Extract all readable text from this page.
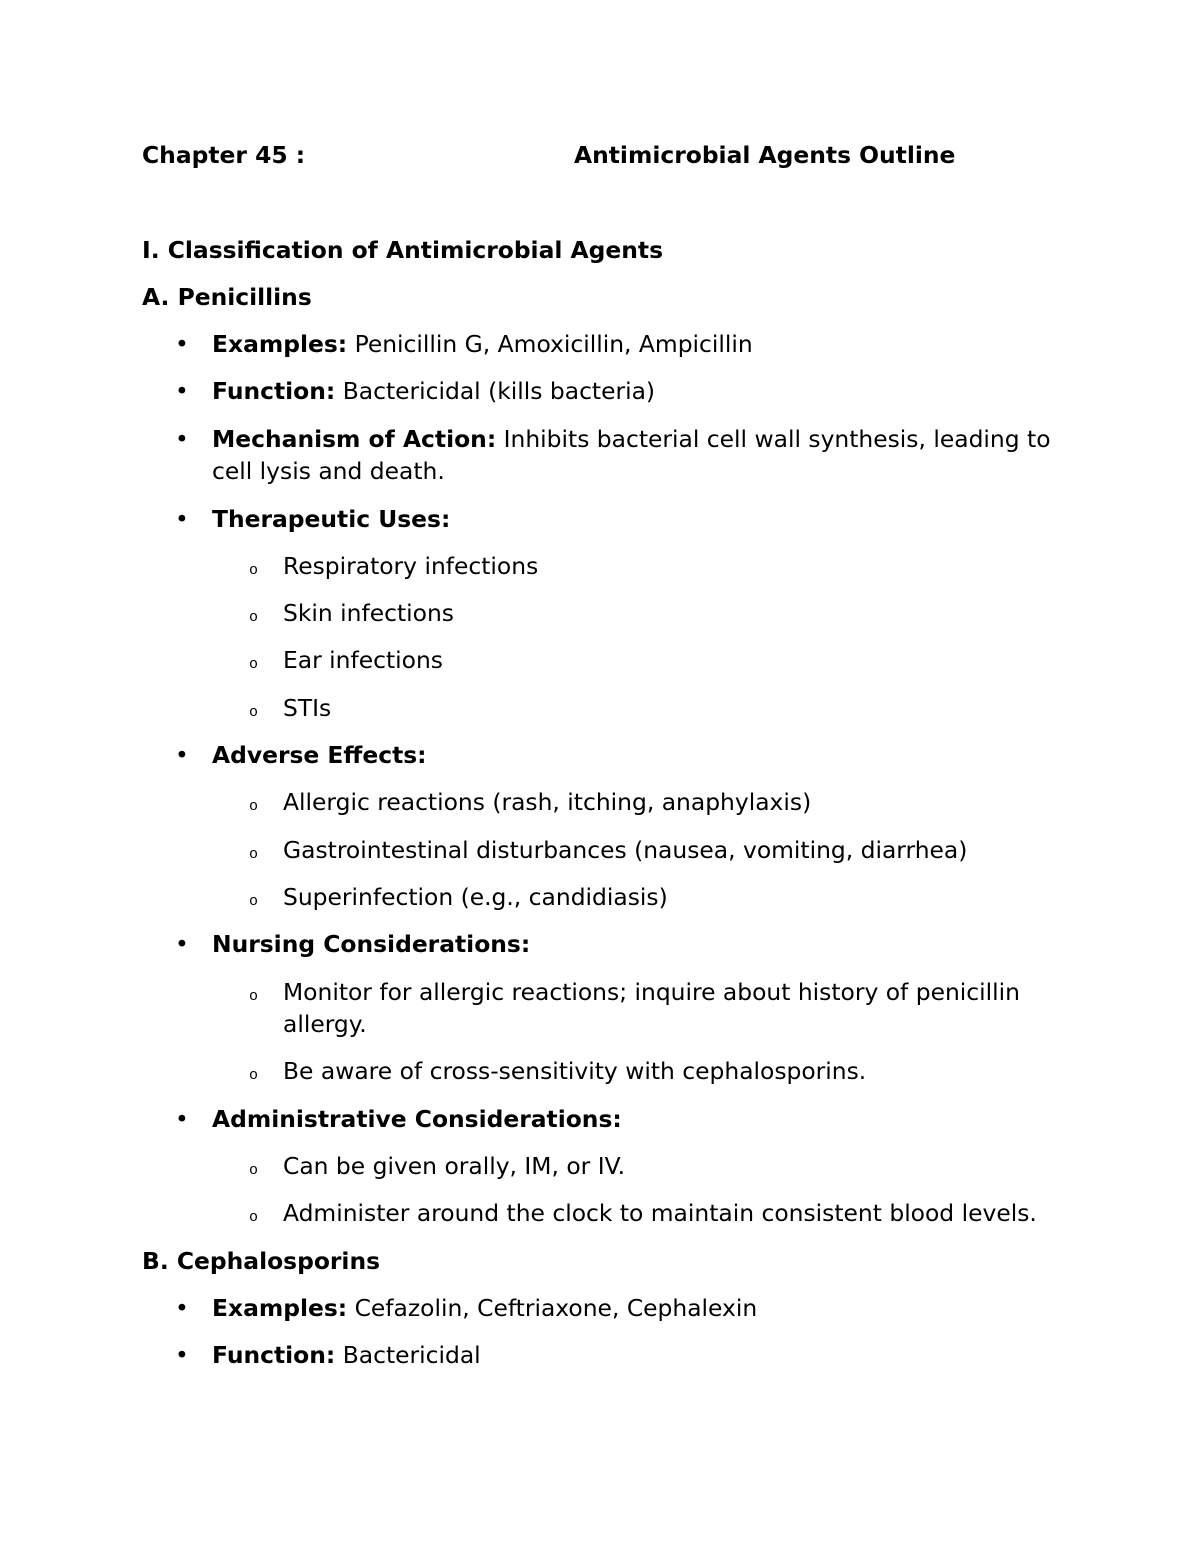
Chapter 45 :	Antimicrobial Agents Outline
I. Classification of Antimicrobial Agents
A. Penicillins
• Examples: Penicillin G, Amoxicillin, Ampicillin
• Function: Bactericidal (kills bacteria)
• Mechanism of Action: Inhibits bacterial cell wall synthesis, leading to cell lysis and death.
• Therapeutic Uses:
o Respiratory infections
o Skin infections
o Ear infections
o STIs
• Adverse Effects:
o Allergic reactions (rash, itching, anaphylaxis)
o Gastrointestinal disturbances (nausea, vomiting, diarrhea)
o Superinfection (e.g., candidiasis)
• Nursing Considerations:
o Monitor for allergic reactions; inquire about history of penicillin allergy.
o Be aware of cross-sensitivity with cephalosporins.
• Administrative Considerations:
o Can be given orally, IM, or IV.
o Administer around the clock to maintain consistent blood levels.
B. Cephalosporins
• Examples: Cefazolin, Ceftriaxone, Cephalexin
• Function: Bactericidal
